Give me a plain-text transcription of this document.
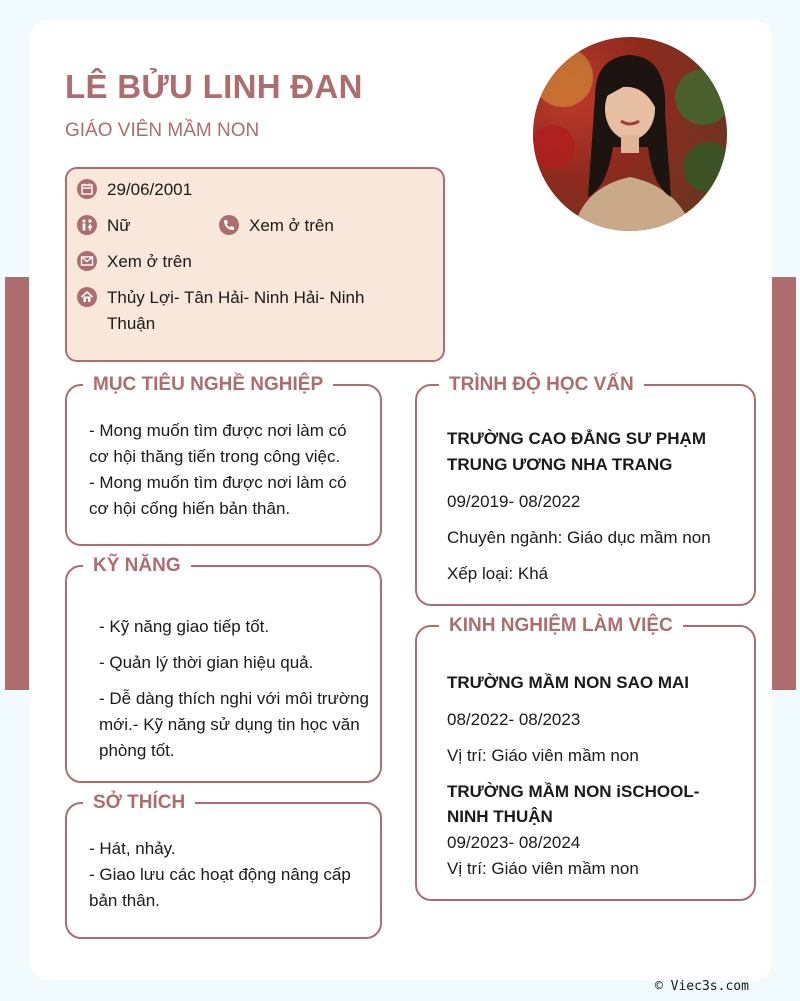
LÊ BỬU LINH ĐAN

GIÁO VIÊN MẦM NON

29/06/2001
Nữ	Xem ở trên
Xem ở trên
Thủy Lợi- Tân Hải- Ninh Hải- Ninh
Thuận
MỤC TIÊU NGHỀ NGHIỆP
- Mong muốn tìm được nơi làm có
cơ hội thăng tiến trong công việc.
- Mong muốn tìm được nơi làm có
cơ hội cống hiến bản thân.
KỸ NĂNG
- Kỹ năng giao tiếp tốt.
- Quản lý thời gian hiệu quả.
- Dễ dàng thích nghi với môi trường
mới.- Kỹ năng sử dụng tin học văn
phòng tốt.
SỞ THÍCH
- Hát, nhảy.
- Giao lưu các hoạt động nâng cấp
bản thân.
TRÌNH ĐỘ HỌC VẤN
TRƯỜNG CAO ĐẲNG SƯ PHẠM
TRUNG ƯƠNG NHA TRANG
09/2019- 08/2022
Chuyên ngành: Giáo dục mầm non
Xếp loại: Khá
KINH NGHIỆM LÀM VIỆC
TRƯỜNG MẦM NON SAO MAI
08/2022- 08/2023
Vị trí: Giáo viên mầm non
TRƯỜNG MẦM NON iSCHOOL-
NINH THUẬN
09/2023- 08/2024
Vị trí: Giáo viên mầm non
© Viec3s.com
